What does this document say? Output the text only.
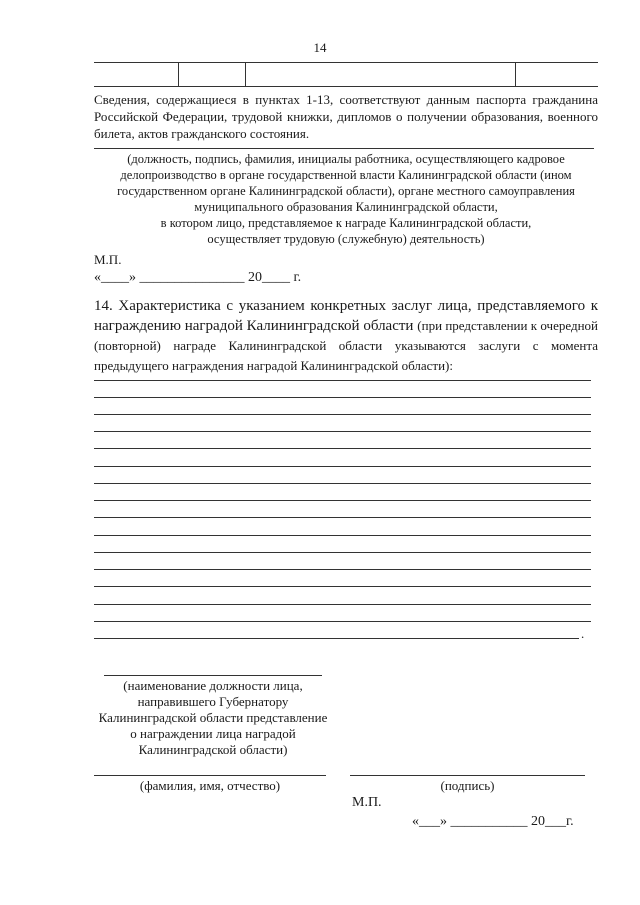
14
Сведения, содержащиеся в пунктах 1-13, соответствуют данным паспорта гражданина Российской Федерации, трудовой книжки, дипломов о получении образования, военного билета, актов гражданского состояния.
(должность, подпись, фамилия, инициалы работника, осуществляющего кадровое
делопроизводство в органе государственной власти Калининградской области (ином
государственном органе Калининградской области), органе местного самоуправления
муниципального образования Калининградской области,
в котором лицо, представляемое к награде Калининградской области,
осуществляет трудовую (служебную) деятельность)
М.П.
«____» _______________ 20____ г.
14. Характеристика с указанием конкретных заслуг лица, представляемого к награждению наградой Калининградской области (при представлении к очередной (повторной) награде Калининградской области указываются заслуги с момента предыдущего награждения наградой Калининградской области):
.
(наименование должности лица,
направившего Губернатору
Калининградской области представление
о награждении лица наградой
Калининградской области)
(фамилия, имя, отчество)	(подпись)
М.П.
«___» ___________ 20___г.
